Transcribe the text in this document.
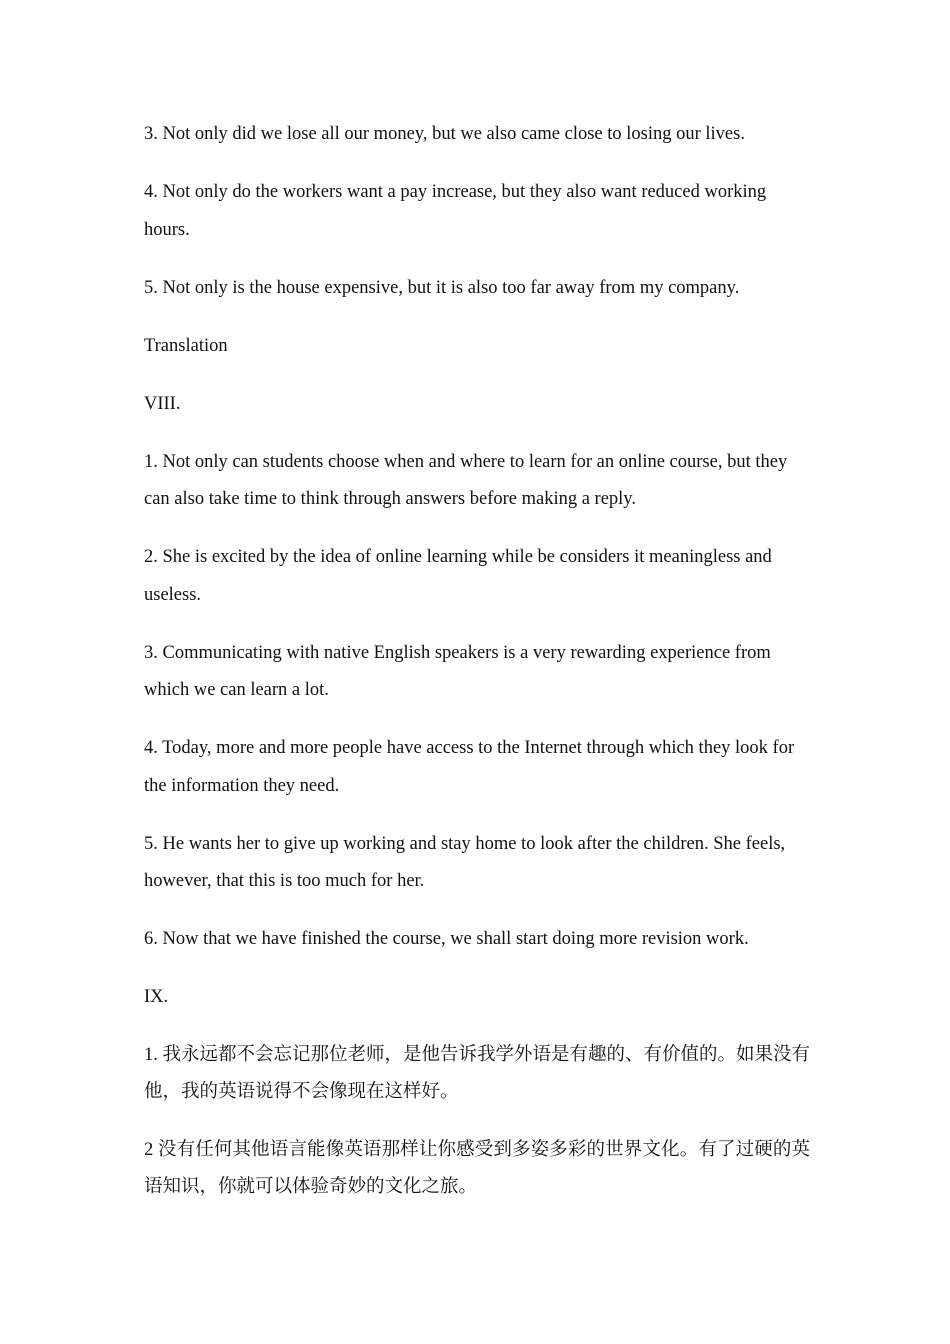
3. Not only did we lose all our money, but we also came close to losing our lives.

4. Not only do the workers want a pay increase, but they also want reduced working hours.

5. Not only is the house expensive, but it is also too far away from my company.

Translation

VIII.

1. Not only can students choose when and where to learn for an online course, but they can also take time to think through answers before making a reply.

2. She is excited by the idea of online learning while be considers it meaningless and useless.

3. Communicating with native English speakers is a very rewarding experience from which we can learn a lot.

4. Today, more and more people have access to the Internet through which they look for the information they need.

5. He wants her to give up working and stay home to look after the children. She feels, however, that this is too much for her.

6. Now that we have finished the course, we shall start doing more revision work.

IX.

1. 我永远都不会忘记那位老师，是他告诉我学外语是有趣的、有价值的。如果没有他，我的英语说得不会像现在这样好。

2 没有任何其他语言能像英语那样让你感受到多姿多彩的世界文化。有了过硬的英语知识，你就可以体验奇妙的文化之旅。
